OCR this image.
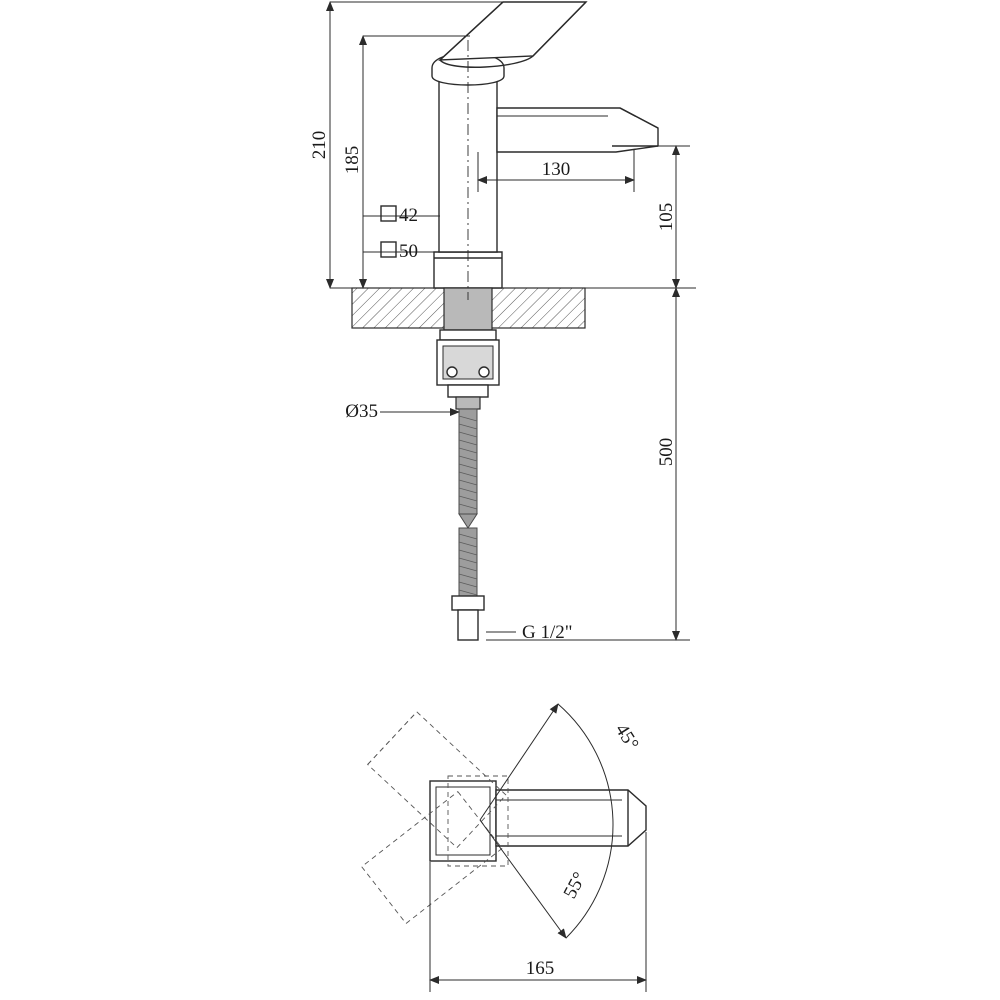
210
185	130
105
500
42
50
Ø35
G 1/2"
45°
55°
165
